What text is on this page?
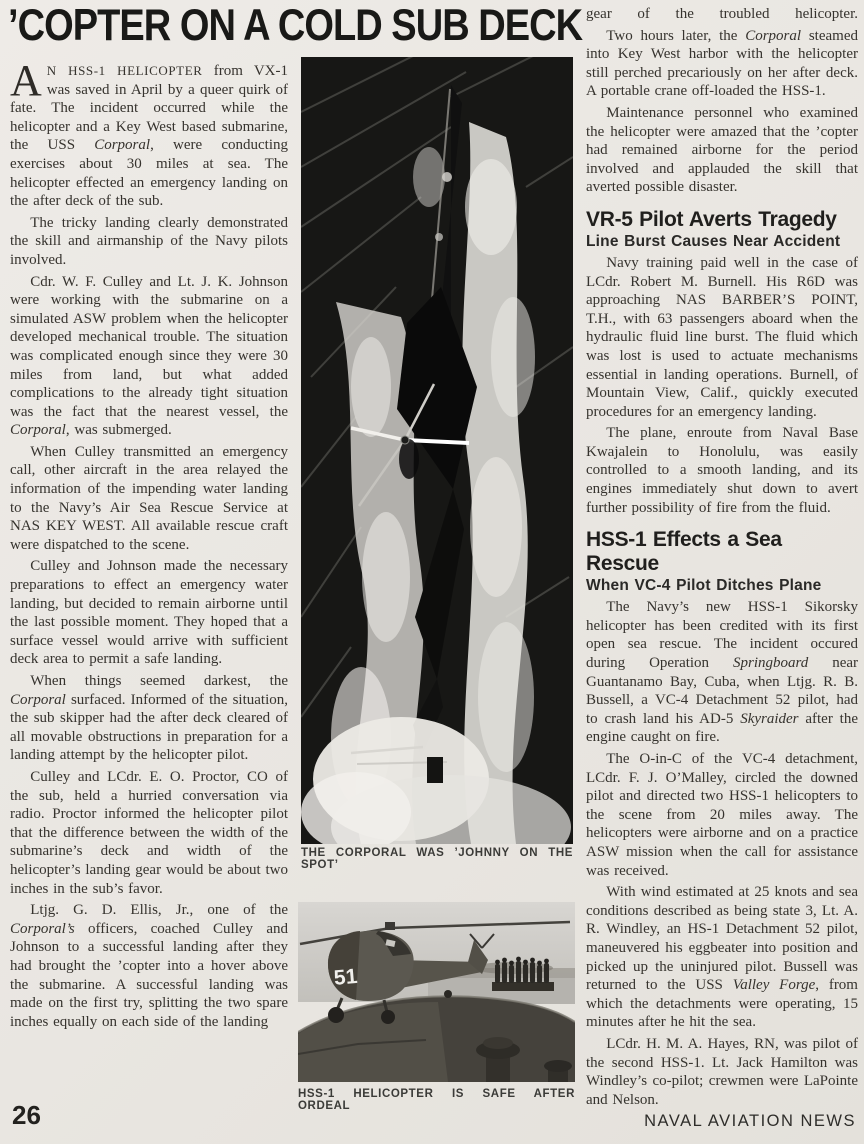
’COPTER ON A COLD SUB DECK

A N HSS-1 HELICOPTER from VX-1 was saved in April by a queer quirk of fate. The incident occurred while the helicopter and a Key West based submarine, the USS Corporal, were conducting exercises about 30 miles at sea. The helicopter effected an emergency landing on the after deck of the sub.

The tricky landing clearly demonstrated the skill and airmanship of the Navy pilots involved.

Cdr. W. F. Culley and Lt. J. K. Johnson were working with the submarine on a simulated ASW problem when the helicopter developed mechanical trouble. The situation was complicated enough since they were 30 miles from land, but what added complications to the already tight situation was the fact that the nearest vessel, the Corporal, was submerged.

When Culley transmitted an emergency call, other aircraft in the area relayed the information of the impending water landing to the Navy’s Air Sea Rescue Service at NAS KEY WEST. All available rescue craft were dispatched to the scene.

Culley and Johnson made the necessary preparations to effect an emergency water landing, but decided to remain airborne until the last possible moment. They hoped that a surface vessel would arrive with sufficient deck area to permit a safe landing.

When things seemed darkest, the Corporal surfaced. Informed of the situation, the sub skipper had the after deck cleared of all movable obstructions in preparation for a landing attempt by the helicopter pilot.

Culley and LCdr. E. O. Proctor, CO of the sub, held a hurried conversation via radio. Proctor informed the helicopter pilot that the difference between the width of the submarine’s deck and width of the helicopter’s landing gear would be about two inches in the sub’s favor.

Ltjg. G. D. Ellis, Jr., one of the Corporal’s officers, coached Culley and Johnson to a successful landing after they had brought the ’copter into a hover above the submarine. A successful landing was made on the first try, splitting the two spare inches equally on each side of the landing

THE CORPORAL WAS ’JOHNNY ON THE SPOT’
51
HSS-1 HELICOPTER IS SAFE AFTER ORDEAL

gear of the troubled helicopter.

Two hours later, the Corporal steamed into Key West harbor with the helicopter still perched precariously on her after deck. A portable crane off-loaded the HSS-1.

Maintenance personnel who examined the helicopter were amazed that the ’copter had remained airborne for the period involved and applauded the skill that averted possible disaster.

VR-5 Pilot Averts Tragedy
Line Burst Causes Near Accident

Navy training paid well in the case of LCdr. Robert M. Burnell. His R6D was approaching NAS BARBER’S POINT, T.H., with 63 passengers aboard when the hydraulic fluid line burst. The fluid which was lost is used to actuate mechanisms essential in landing operations. Burnell, of Mountain View, Calif., quickly executed procedures for an emergency landing.

The plane, enroute from Naval Base Kwajalein to Honolulu, was easily controlled to a smooth landing, and its engines immediately shut down to avert further possibility of fire from the fluid.

HSS-1 Effects a Sea Rescue
When VC-4 Pilot Ditches Plane

The Navy’s new HSS-1 Sikorsky helicopter has been credited with its first open sea rescue. The incident occured during Operation Springboard near Guantanamo Bay, Cuba, when Ltjg. R. B. Bussell, a VC-4 Detachment 52 pilot, had to crash land his AD-5 Skyraider after the engine caught on fire.

The O-in-C of the VC-4 detachment, LCdr. F. J. O’Malley, circled the downed pilot and directed two HSS-1 helicopters to the scene from 20 miles away. The helicopters were airborne and on a practice ASW mission when the call for assistance was received.

With wind estimated at 25 knots and sea conditions described as being state 3, Lt. A. R. Windley, an HS-1 Detachment 52 pilot, maneuvered his eggbeater into position and picked up the uninjured pilot. Bussell was returned to the USS Valley Forge, from which the detachments were operating, 15 minutes after he hit the sea.

LCdr. H. M. A. Hayes, RN, was pilot of the second HSS-1. Lt. Jack Hamilton was Windley’s co-pilot; crewmen were LaPointe and Nelson.

26	NAVAL AVIATION NEWS
